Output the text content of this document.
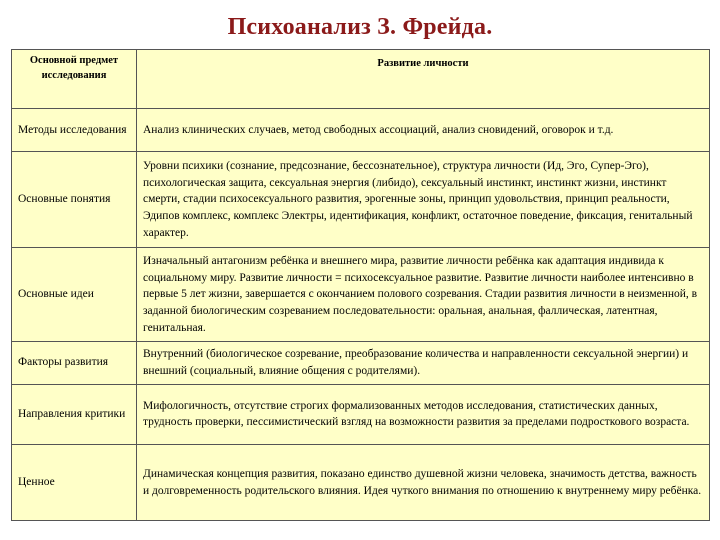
Психоанализ З. Фрейда.
Основной предмет исследования	Развитие личности
Методы исследования	Анализ клинических случаев, метод свободных ассоциаций, анализ сновидений, оговорок и т.д.
Основные понятия	Уровни психики (сознание, предсознание, бессознательное), структура личности (Ид, Эго, Супер-Эго), психологическая защита, сексуальная энергия (либидо), сексуальный инстинкт, инстинкт жизни, инстинкт смерти, стадии психосексуального развития, эрогенные зоны, принцип удовольствия, принцип реальности, Эдипов комплекс, комплекс Электры, идентификация, конфликт, остаточное поведение, фиксация, генитальный характер.
Основные идеи	Изначальный антагонизм ребёнка и внешнего мира, развитие личности ребёнка как адаптация индивида к социальному миру. Развитие личности = психосексуальное развитие. Развитие личности наиболее интенсивно в первые 5 лет жизни, завершается с окончанием полового созревания. Стадии развития личности в неизменной, в заданной биологическим созреванием последовательности: оральная, анальная, фаллическая, латентная, генитальная.
Факторы развития	Внутренний (биологическое созревание, преобразование количества и направленности сексуальной энергии) и внешний (социальный, влияние общения с родителями).
Направления критики	Мифологичность, отсутствие строгих формализованных методов исследования, статистических данных, трудность проверки, пессимистический взгляд на возможности развития за пределами подросткового возраста.
Ценное	Динамическая концепция развития, показано единство душевной жизни человека, значимость детства, важность и долговременность родительского влияния. Идея чуткого внимания по отношению к внутреннему миру ребёнка.
